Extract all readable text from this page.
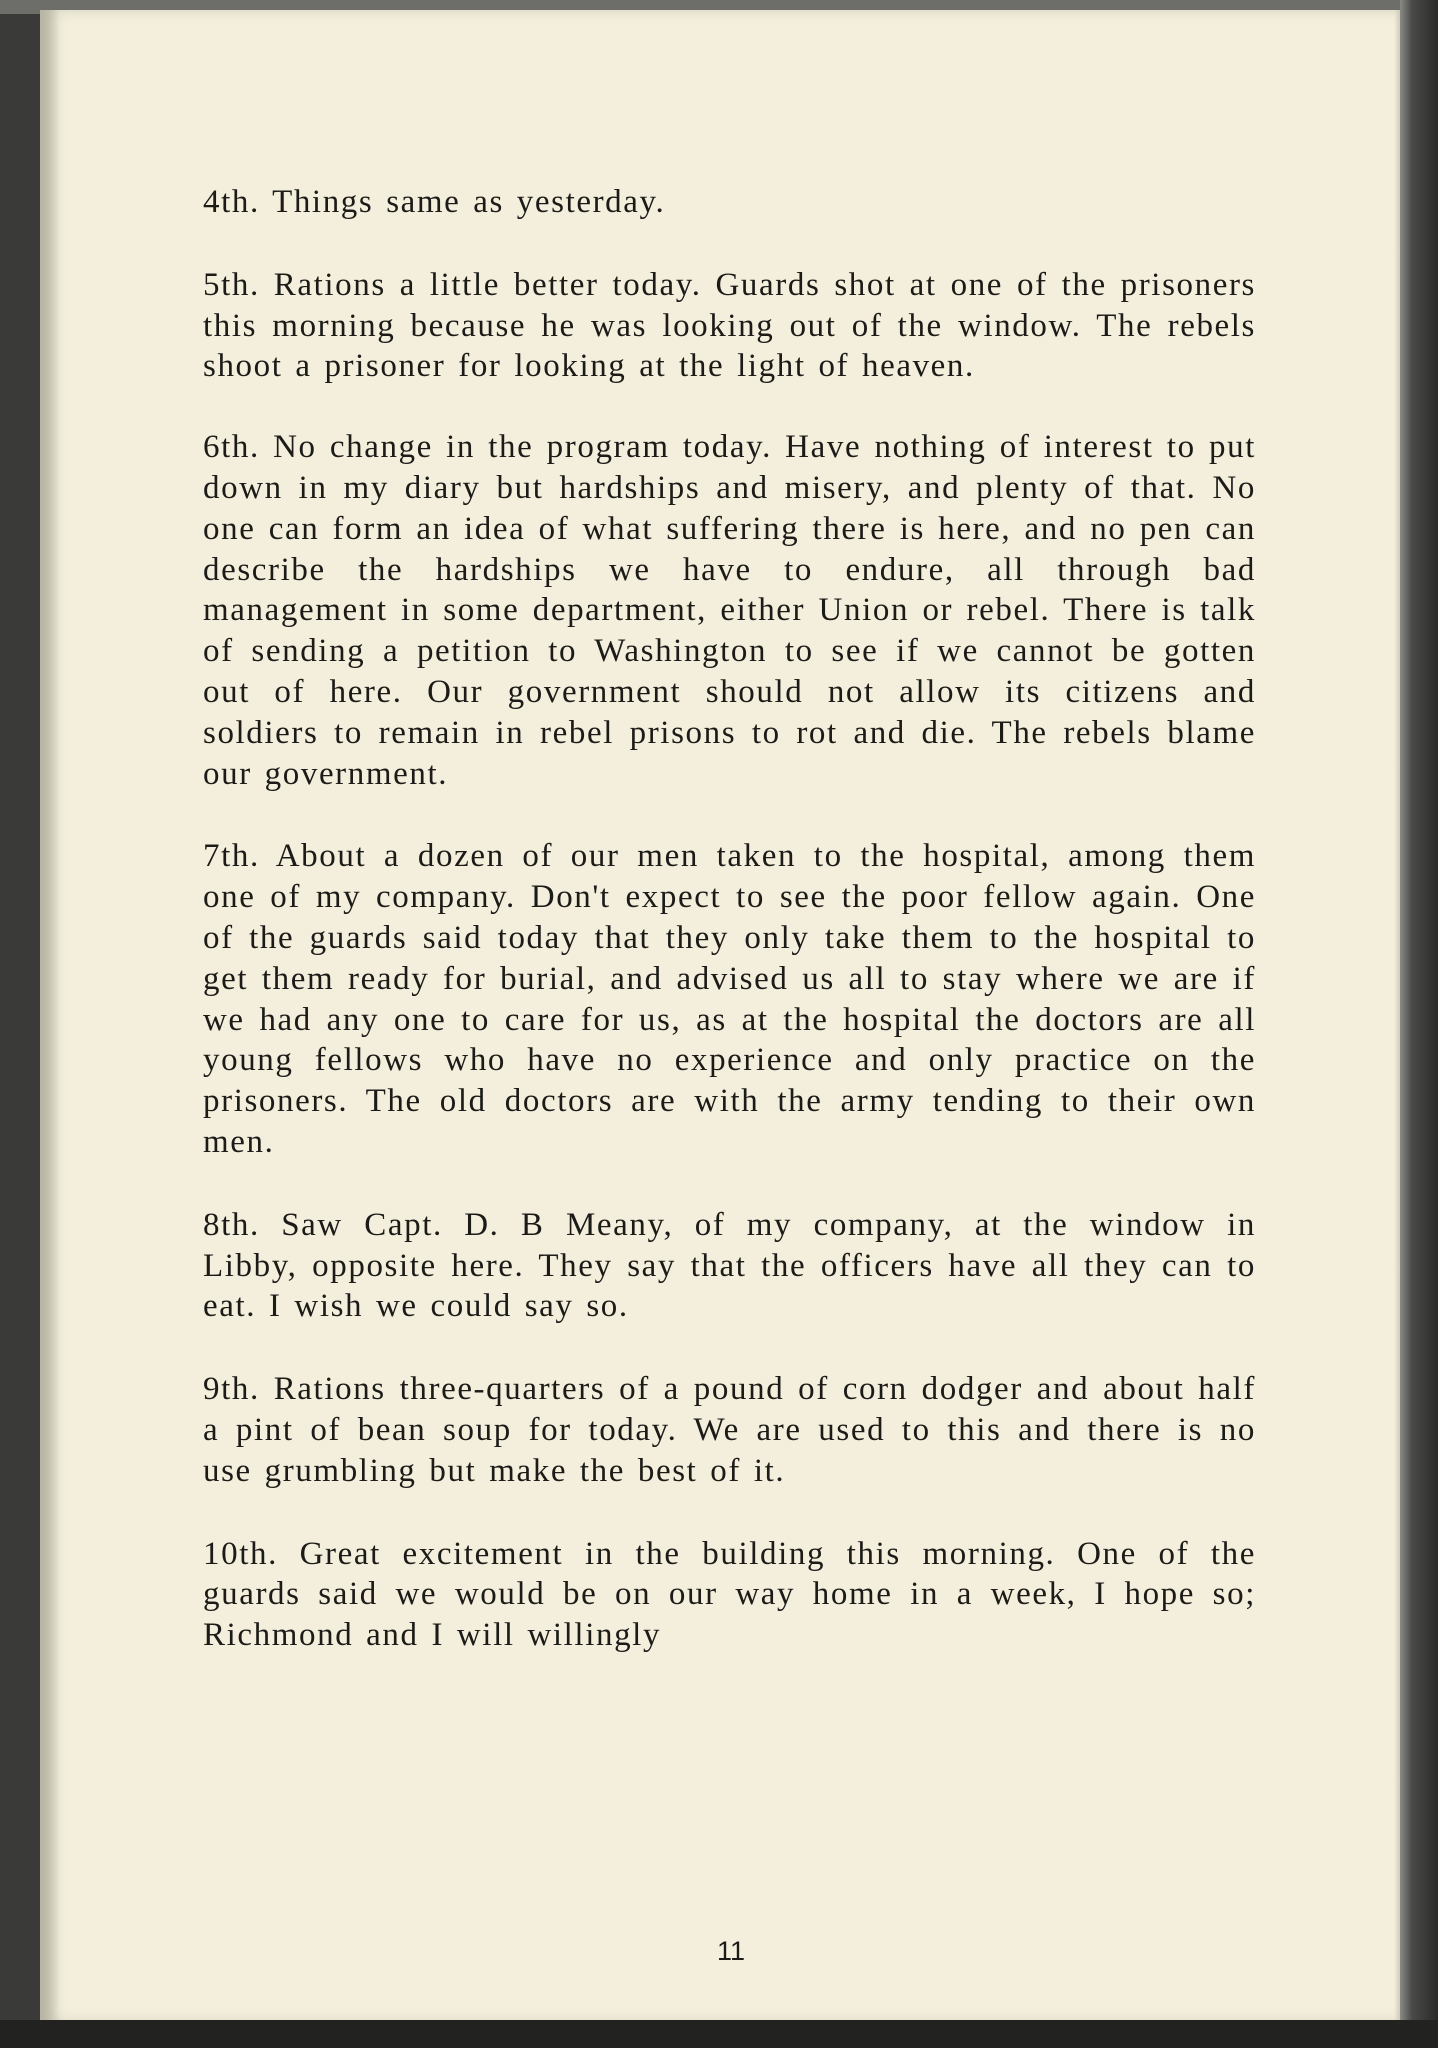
4th. Things same as yesterday.

5th. Rations a little better today. Guards shot at one of the prisoners this morning because he was looking out of the window. The rebels shoot a prisoner for looking at the light of heaven.

6th. No change in the program today. Have nothing of interest to put down in my diary but hardships and misery, and plenty of that. No one can form an idea of what suffering there is here, and no pen can describe the hardships we have to endure, all through bad management in some department, either Union or rebel. There is talk of sending a petition to Washington to see if we cannot be gotten out of here. Our government should not allow its citizens and soldiers to remain in rebel prisons to rot and die. The rebels blame our government.

7th. About a dozen of our men taken to the hospital, among them one of my company. Don't expect to see the poor fellow again. One of the guards said today that they only take them to the hospital to get them ready for burial, and advised us all to stay where we are if we had any one to care for us, as at the hospital the doctors are all young fellows who have no experience and only practice on the prisoners. The old doctors are with the army tending to their own men.

8th. Saw Capt. D. B Meany, of my company, at the window in Libby, opposite here. They say that the officers have all they can to eat. I wish we could say so.

9th. Rations three-quarters of a pound of corn dodger and about half a pint of bean soup for today. We are used to this and there is no use grumbling but make the best of it.

10th. Great excitement in the building this morning. One of the guards said we would be on our way home in a week, I hope so; Richmond and I will willingly

11
